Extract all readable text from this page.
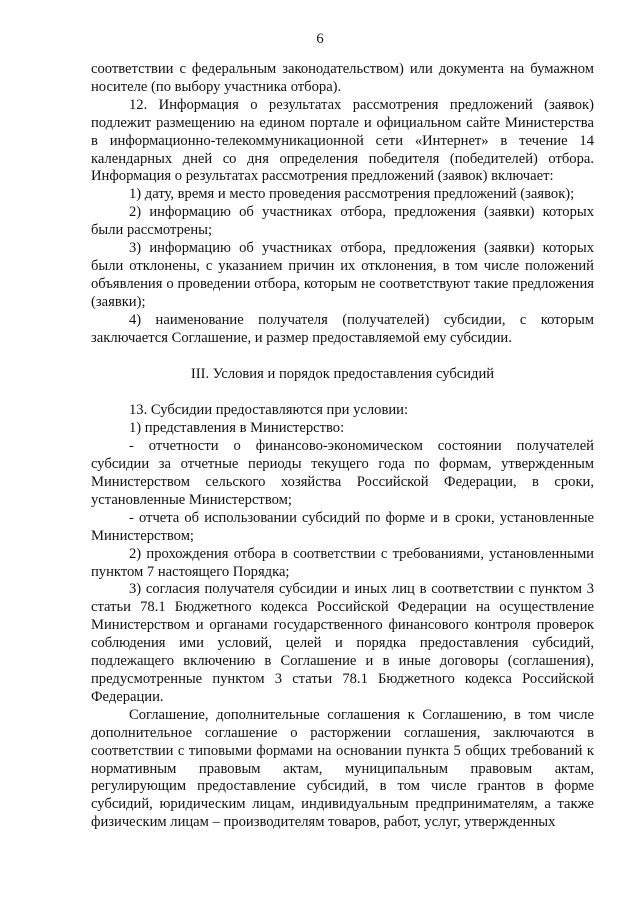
6

соответствии с федеральным законодательством) или документа на бумажном носителе (по выбору участника отбора).

12. Информация о результатах рассмотрения предложений (заявок) подлежит размещению на едином портале и официальном сайте Министерства в информационно-телекоммуникационной сети «Интернет» в течение 14 календарных дней со дня определения победителя (победителей) отбора. Информация о результатах рассмотрения предложений (заявок) включает:

1) дату, время и место проведения рассмотрения предложений (заявок);

2) информацию об участниках отбора, предложения (заявки) которых были рассмотрены;

3) информацию об участниках отбора, предложения (заявки) которых были отклонены, с указанием причин их отклонения, в том числе положений объявления о проведении отбора, которым не соответствуют такие предложения (заявки);

4) наименование получателя (получателей) субсидии, с которым заключается Соглашение, и размер предоставляемой ему субсидии.

III. Условия и порядок предоставления субсидий

13. Субсидии предоставляются при условии:

1) представления в Министерство:

- отчетности о финансово-экономическом состоянии получателей субсидии за отчетные периоды текущего года по формам, утвержденным Министерством сельского хозяйства Российской Федерации, в сроки, установленные Министерством;

- отчета об использовании субсидий по форме и в сроки, установленные Министерством;

2) прохождения отбора в соответствии с требованиями, установленными пунктом 7 настоящего Порядка;

3) согласия получателя субсидии и иных лиц в соответствии с пунктом 3 статьи 78.1 Бюджетного кодекса Российской Федерации на осуществление Министерством и органами государственного финансового контроля проверок соблюдения ими условий, целей и порядка предоставления субсидий, подлежащего включению в Соглашение и в иные договоры (соглашения), предусмотренные пунктом 3 статьи 78.1 Бюджетного кодекса Российской Федерации.

Соглашение, дополнительные соглашения к Соглашению, в том числе дополнительное соглашение о расторжении соглашения, заключаются в соответствии с типовыми формами на основании пункта 5 общих требований к нормативным правовым актам, муниципальным правовым актам, регулирующим предоставление субсидий, в том числе грантов в форме субсидий, юридическим лицам, индивидуальным предпринимателям, а также физическим лицам – производителям товаров, работ, услуг, утвержденных
